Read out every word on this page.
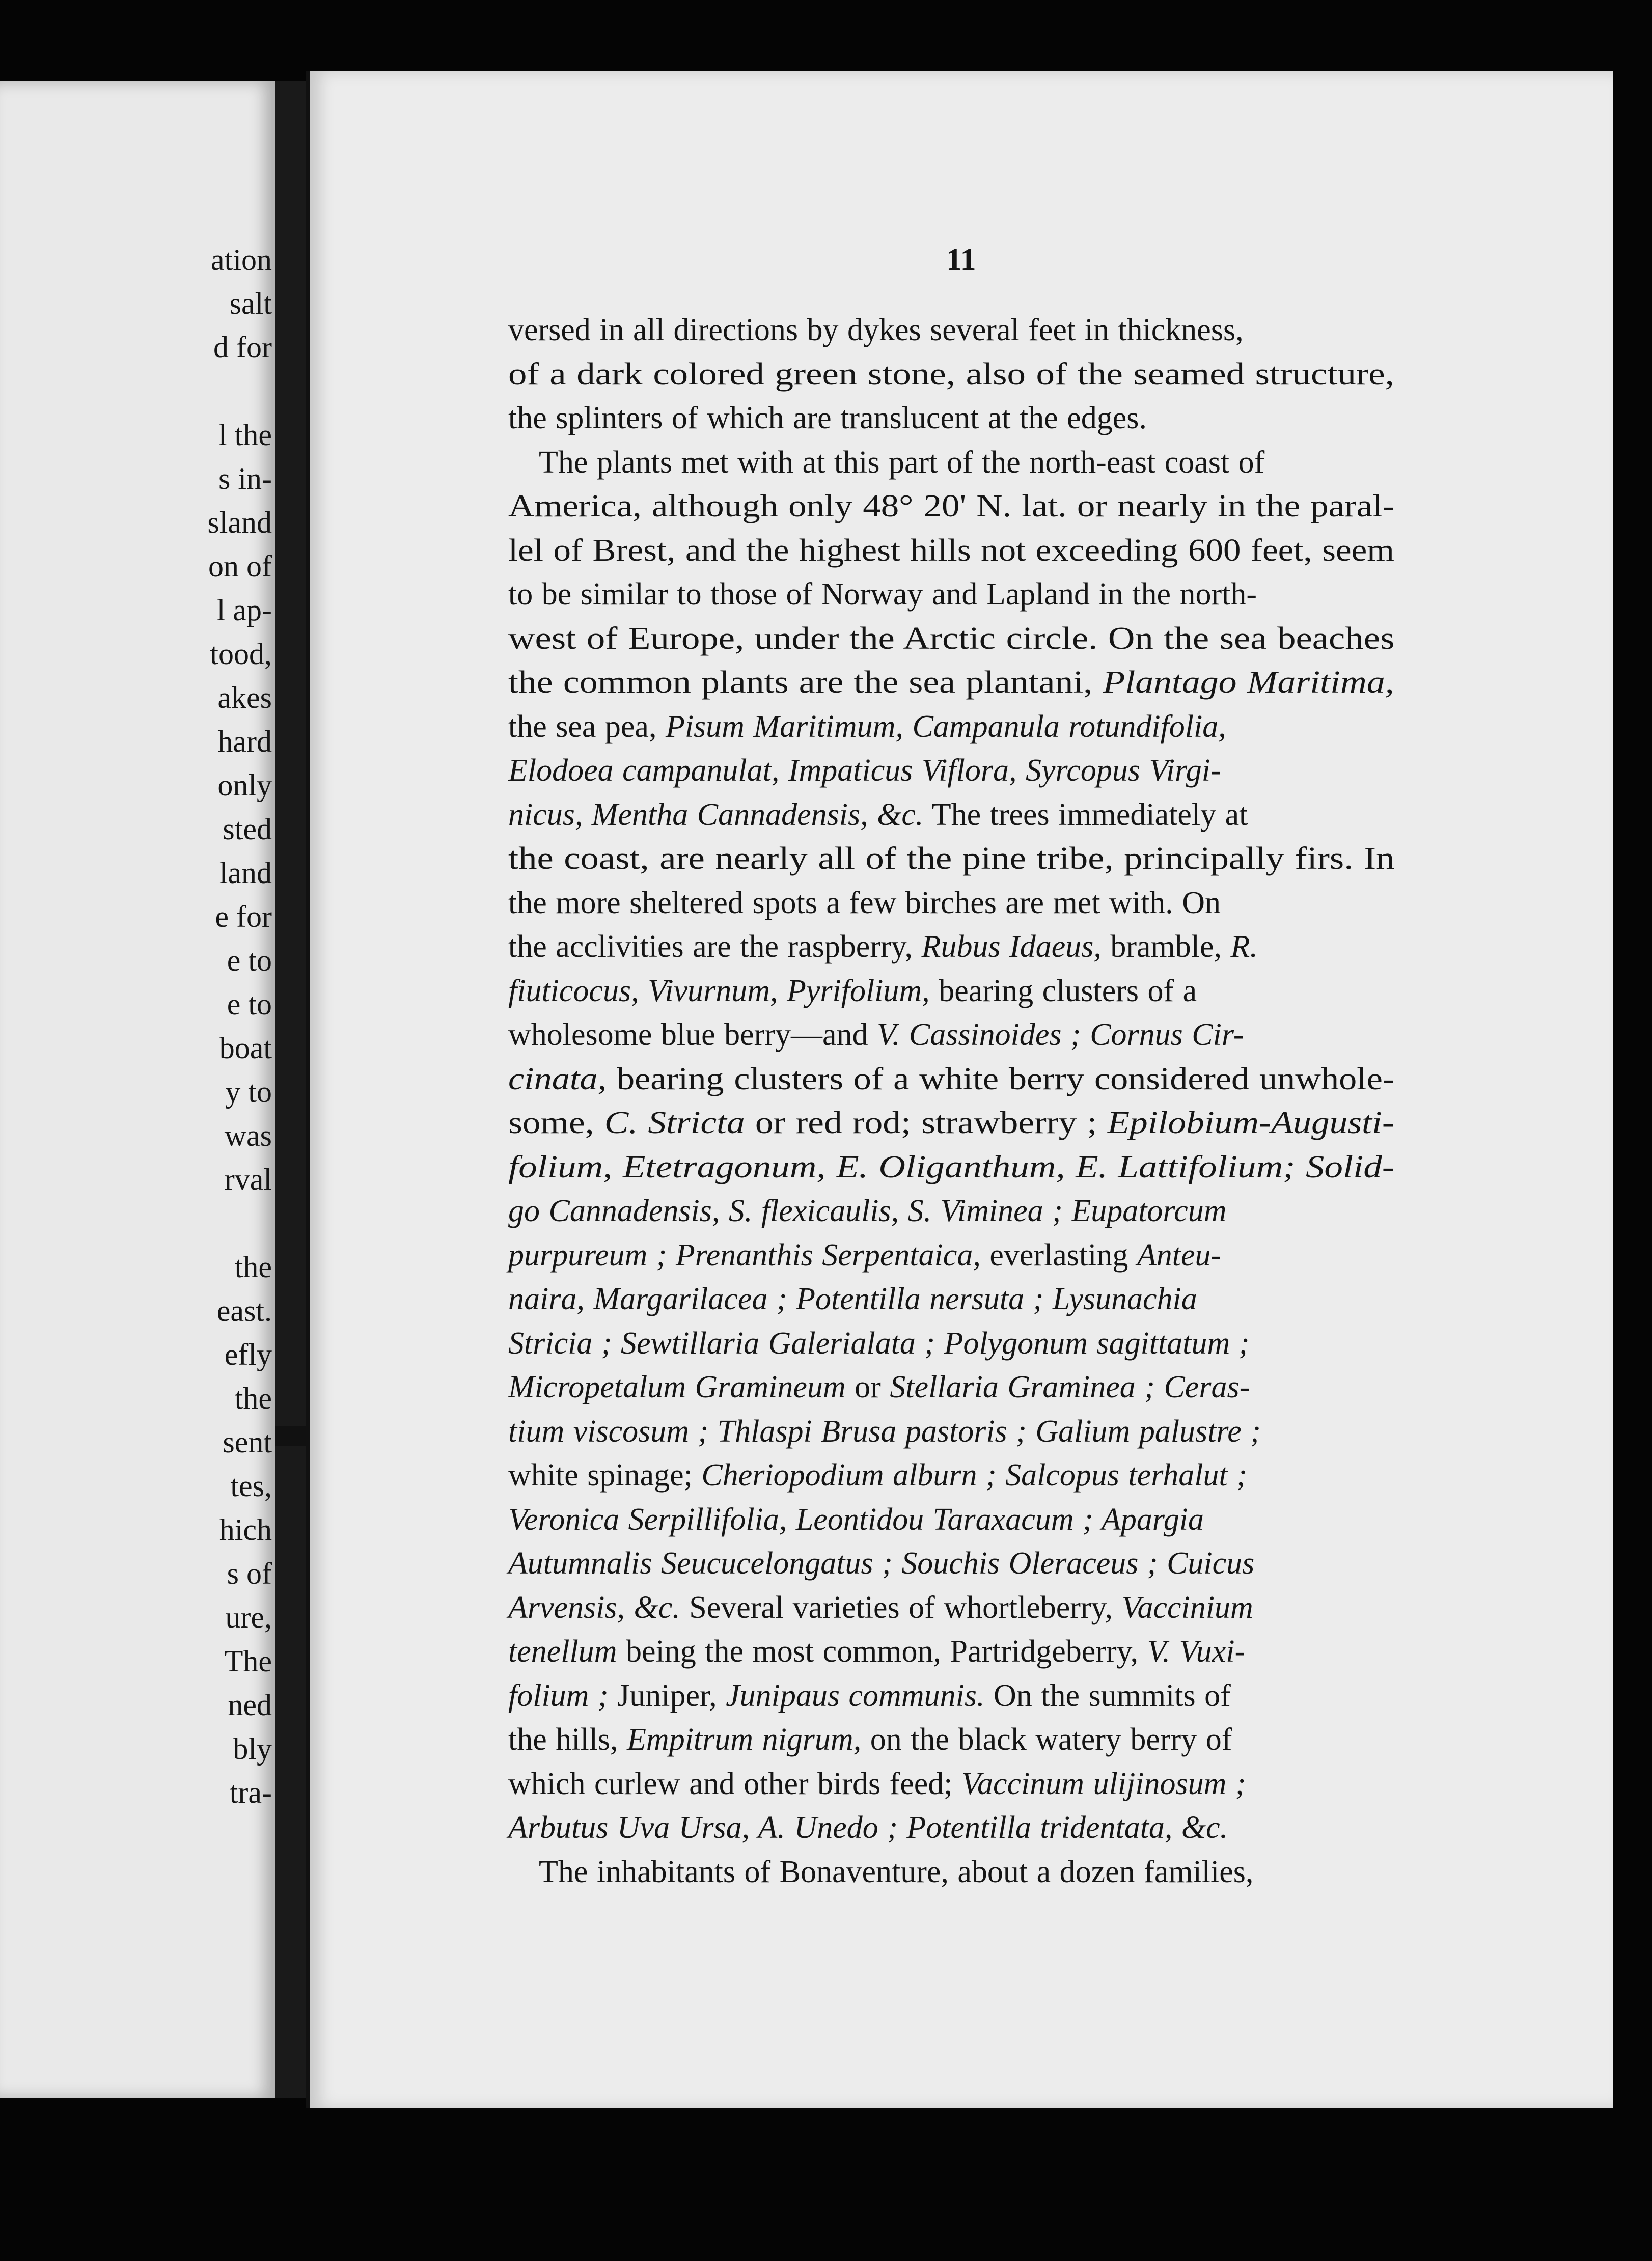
ation
salt
d for
l the
s in-
sland
on of
l ap-
tood,
akes
hard
only
sted
land
e for
e to
e to
boat
y to
was
rval
the
east.
efly
the
sent
tes,
hich
s of
ure,
The
ned
bly
tra-
11
versed in all directions by dykes several feet in thickness,
of a dark colored green stone, also of the seamed structure,
the splinters of which are translucent at the edges.
The plants met with at this part of the north-east coast of
America, although only 48° 20' N. lat. or nearly in the paral-
lel of Brest, and the highest hills not exceeding 600 feet, seem
to be similar to those of Norway and Lapland in the north-
west of Europe, under the Arctic circle. On the sea beaches
the common plants are the sea plantani, Plantago Maritima,
the sea pea, Pisum Maritimum, Campanula rotundifolia,
Elodoea campanulat, Impaticus Viflora, Syrcopus Virgi-
nicus, Mentha Cannadensis, &c. The trees immediately at
the coast, are nearly all of the pine tribe, principally firs. In
the more sheltered spots a few birches are met with. On
the acclivities are the raspberry, Rubus Idaeus, bramble, R.
fiuticocus, Vivurnum, Pyrifolium, bearing clusters of a
wholesome blue berry—and V. Cassinoides ; Cornus Cir-
cinata, bearing clusters of a white berry considered unwhole-
some, C. Stricta or red rod; strawberry ; Epilobium-Augusti-
folium, Etetragonum, E. Oliganthum, E. Lattifolium; Solid-
go Cannadensis, S. flexicaulis, S. Viminea ; Eupatorcum
purpureum ; Prenanthis Serpentaica, everlasting Anteu-
naira, Margarilacea ; Potentilla nersuta ; Lysunachia
Stricia ; Sewtillaria Galerialata ; Polygonum sagittatum ;
Micropetalum Gramineum or Stellaria Graminea ; Ceras-
tium viscosum ; Thlaspi Brusa pastoris ; Galium palustre ;
white spinage; Cheriopodium alburn ; Salcopus terhalut ;
Veronica Serpillifolia, Leontidou Taraxacum ; Apargia
Autumnalis Seucucelongatus ; Souchis Oleraceus ; Cuicus
Arvensis, &c. Several varieties of whortleberry, Vaccinium
tenellum being the most common, Partridgeberry, V. Vuxi-
folium ; Juniper, Junipaus communis. On the summits of
the hills, Empitrum nigrum, on the black watery berry of
which curlew and other birds feed; Vaccinum ulijinosum ;
Arbutus Uva Ursa, A. Unedo ; Potentilla tridentata, &c.
The inhabitants of Bonaventure, about a dozen families,
